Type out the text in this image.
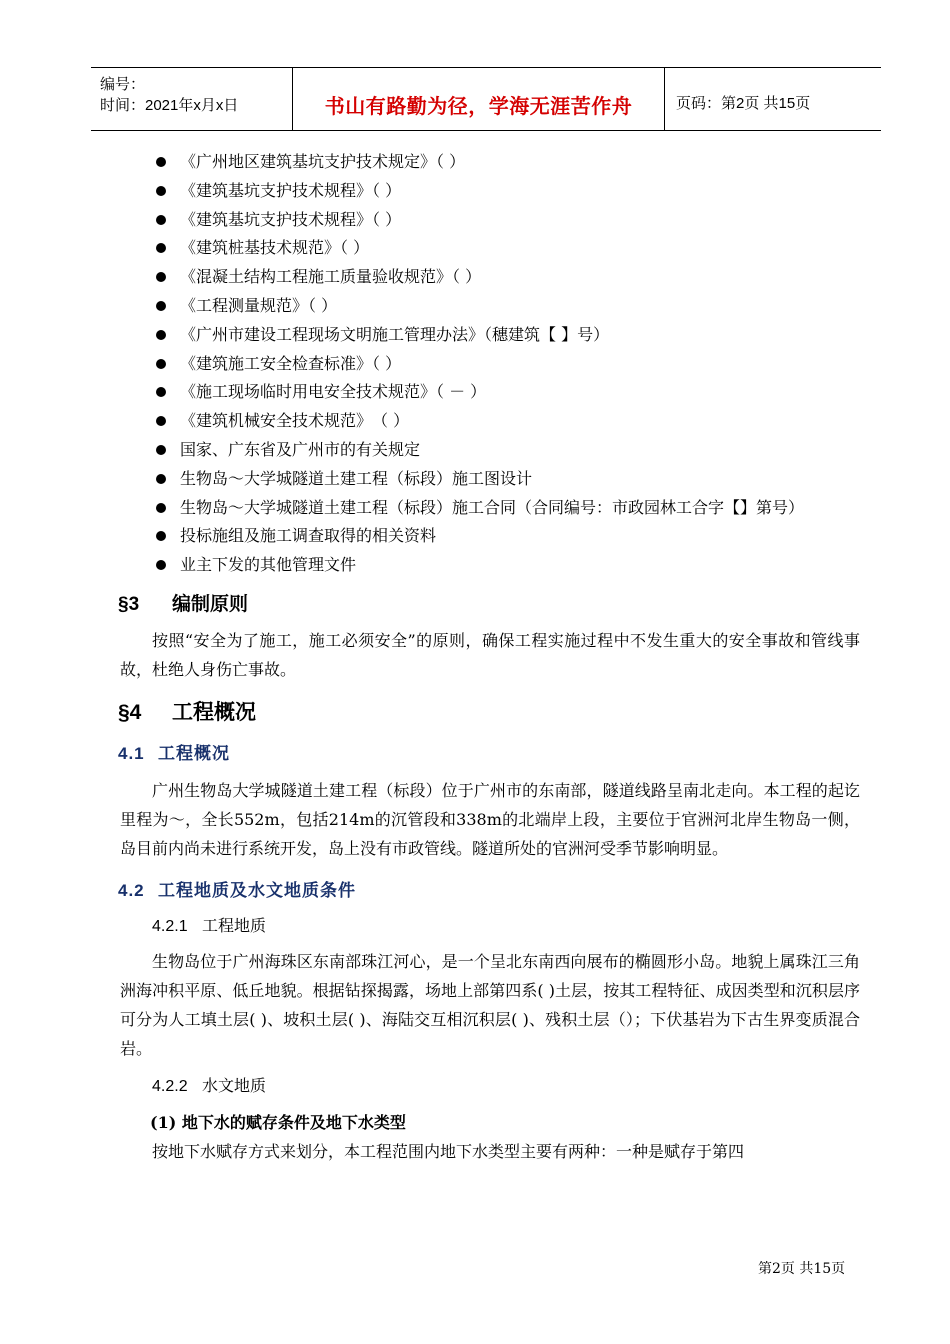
编号：
时间：2021年x月x日	书山有路勤为径，学海无涯苦作舟	页码：第2页 共15页
《广州地区建筑基坑支护技术规定》（ ）
《建筑基坑支护技术规程》（ ）
《建筑基坑支护技术规程》（ ）
《建筑桩基技术规范》（ ）
《混凝土结构工程施工质量验收规范》（ ）
《工程测量规范》（ ）
《广州市建设工程现场文明施工管理办法》（穗建筑【 】号）
《建筑施工安全检查标准》（ ）
《施工现场临时用电安全技术规范》（ － ）
《建筑机械安全技术规范》　（ ）
国家、广东省及广州市的有关规定
生物岛～大学城隧道土建工程（标段）施工图设计
生物岛～大学城隧道土建工程（标段）施工合同（合同编号：市政园林工合字【】第号）
投标施组及施工调查取得的相关资料
业主下发的其他管理文件
§3 编制原则
按照“安全为了施工，施工必须安全”的原则，确保工程实施过程中不发生重大的安全事故和管线事故，杜绝人身伤亡事故。
§4 工程概况
4.1 工程概况
广州生物岛大学城隧道土建工程（标段）位于广州市的东南部，隧道线路呈南北走向。本工程的起讫里程为～，全长552m，包括214m的沉管段和338m的北端岸上段，主要位于官洲河北岸生物岛一侧，岛目前内尚未进行系统开发，岛上没有市政管线。隧道所处的官洲河受季节影响明显。
4.2 工程地质及水文地质条件
4.2.1 工程地质
生物岛位于广州海珠区东南部珠江河心，是一个呈北东南西向展布的椭圆形小岛。地貌上属珠江三角洲海冲积平原、低丘地貌。根据钻探揭露，场地上部第四系( )土层，按其工程特征、成因类型和沉积层序可分为人工填土层( )、坡积土层( )、海陆交互相沉积层( )、残积土层（）；下伏基岩为下古生界变质混合岩。
4.2.2 水文地质
(1) 地下水的赋存条件及地下水类型
按地下水赋存方式来划分，本工程范围内地下水类型主要有两种：一种是赋存于第四
第2页 共15页
